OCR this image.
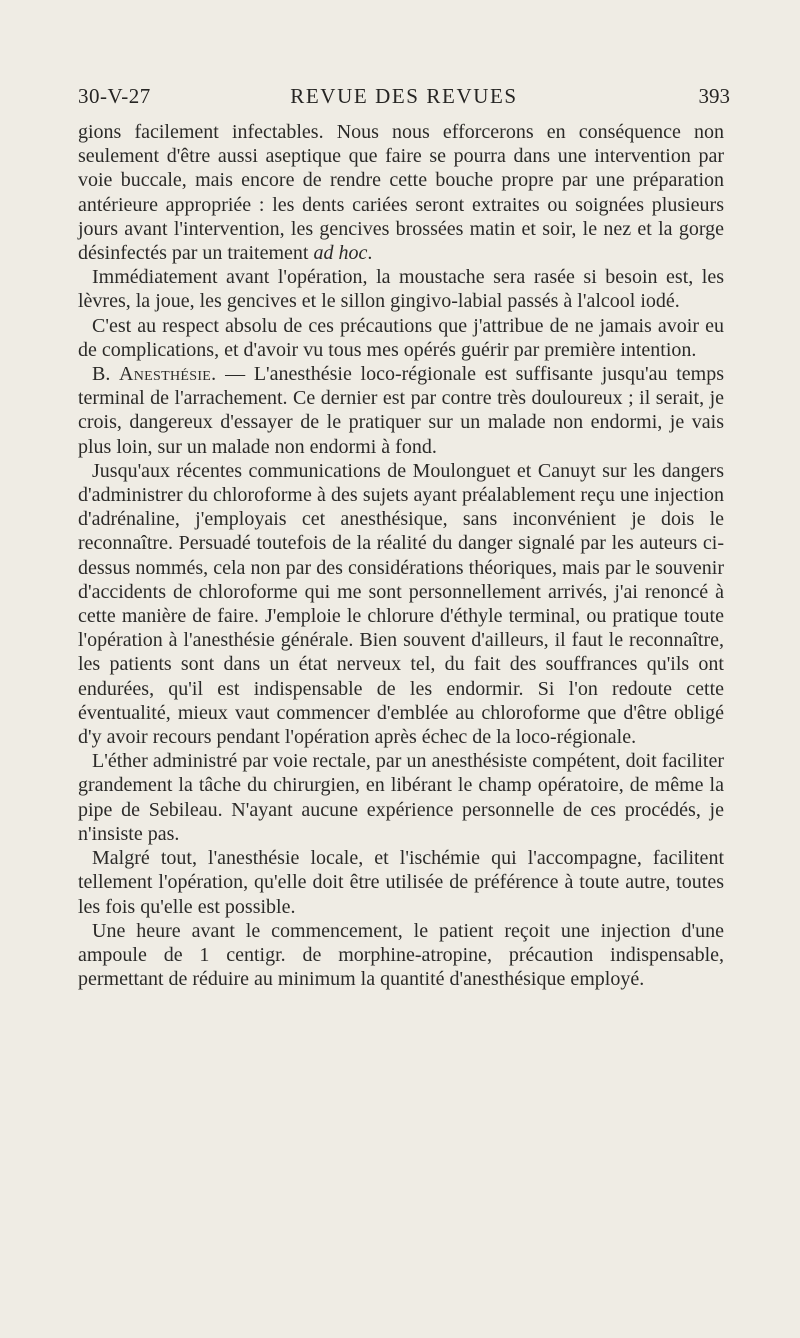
30-V-27	REVUE DES REVUES	393

gions facilement infectables. Nous nous efforcerons en conséquence non seulement d'être aussi aseptique que faire se pourra dans une intervention par voie buccale, mais encore de rendre cette bouche propre par une préparation antérieure appropriée : les dents cariées seront extraites ou soignées plusieurs jours avant l'intervention, les gencives brossées matin et soir, le nez et la gorge désinfectés par un traitement ad hoc.

Immédiatement avant l'opération, la moustache sera rasée si besoin est, les lèvres, la joue, les gencives et le sillon gingivo-labial passés à l'alcool iodé.

C'est au respect absolu de ces précautions que j'attribue de ne jamais avoir eu de complications, et d'avoir vu tous mes opérés guérir par première intention.

B. Anesthésie. — L'anesthésie loco-régionale est suffisante jusqu'au temps terminal de l'arrachement. Ce dernier est par contre très douloureux ; il serait, je crois, dangereux d'essayer de le pratiquer sur un malade non endormi, je vais plus loin, sur un malade non endormi à fond.

Jusqu'aux récentes communications de Moulonguet et Canuyt sur les dangers d'administrer du chloroforme à des sujets ayant préalablement reçu une injection d'adrénaline, j'employais cet anesthésique, sans inconvénient je dois le reconnaître. Persuadé toutefois de la réalité du danger signalé par les auteurs ci-dessus nommés, cela non par des considérations théoriques, mais par le souvenir d'accidents de chloroforme qui me sont personnellement arrivés, j'ai renoncé à cette manière de faire. J'emploie le chlorure d'éthyle terminal, ou pratique toute l'opération à l'anesthésie générale. Bien souvent d'ailleurs, il faut le reconnaître, les patients sont dans un état nerveux tel, du fait des souffrances qu'ils ont endurées, qu'il est indispensable de les endormir. Si l'on redoute cette éventualité, mieux vaut commencer d'emblée au chloroforme que d'être obligé d'y avoir recours pendant l'opération après échec de la loco-régionale.

L'éther administré par voie rectale, par un anesthésiste compétent, doit faciliter grandement la tâche du chirurgien, en libérant le champ opératoire, de même la pipe de Sebileau. N'ayant aucune expérience personnelle de ces procédés, je n'insiste pas.

Malgré tout, l'anesthésie locale, et l'ischémie qui l'accompagne, facilitent tellement l'opération, qu'elle doit être utilisée de préférence à toute autre, toutes les fois qu'elle est possible.

Une heure avant le commencement, le patient reçoit une injection d'une ampoule de 1 centigr. de morphine-atropine, précaution indispensable, permettant de réduire au minimum la quantité d'anesthésique employé.
